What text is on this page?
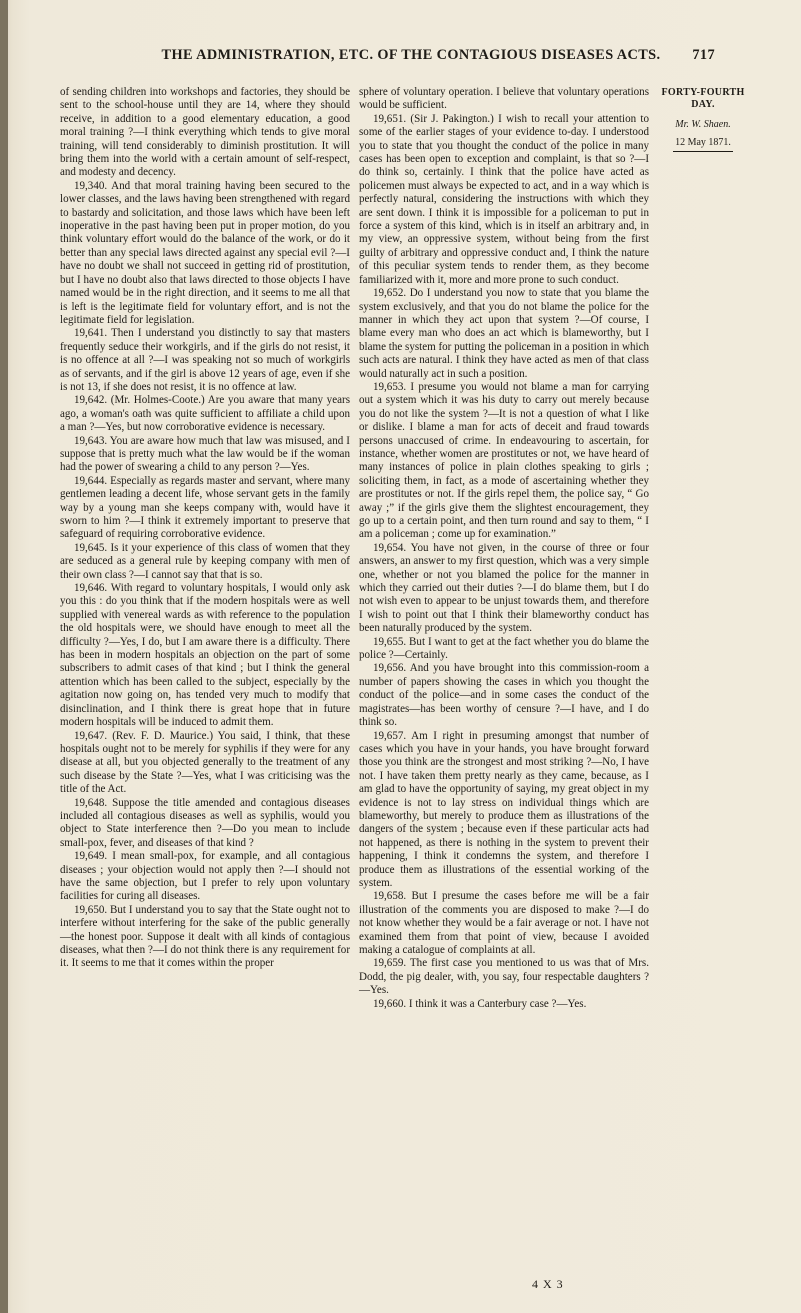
THE ADMINISTRATION, ETC. OF THE CONTAGIOUS DISEASES ACTS. 717

of sending children into workshops and factories, they should be sent to the school-house until they are 14, where they should receive, in addition to a good elementary education, a good moral training ?—I think everything which tends to give moral training, will tend considerably to diminish prostitution. It will bring them into the world with a certain amount of self-respect, and modesty and decency.

19,340. And that moral training having been secured to the lower classes, and the laws having been strengthened with regard to bastardy and solicitation, and those laws which have been left inoperative in the past having been put in proper motion, do you think voluntary effort would do the balance of the work, or do it better than any special laws directed against any special evil ?—I have no doubt we shall not succeed in getting rid of prostitution, but I have no doubt also that laws directed to those objects I have named would be in the right direction, and it seems to me all that is left is the legitimate field for voluntary effort, and is not the legitimate field for legislation.

19,641. Then I understand you distinctly to say that masters frequently seduce their workgirls, and if the girls do not resist, it is no offence at all ?—I was speaking not so much of workgirls as of servants, and if the girl is above 12 years of age, even if she is not 13, if she does not resist, it is no offence at law.

19,642. (Mr. Holmes-Coote.) Are you aware that many years ago, a woman's oath was quite sufficient to affiliate a child upon a man ?—Yes, but now corroborative evidence is necessary.

19,643. You are aware how much that law was misused, and I suppose that is pretty much what the law would be if the woman had the power of swearing a child to any person ?—Yes.

19,644. Especially as regards master and servant, where many gentlemen leading a decent life, whose servant gets in the family way by a young man she keeps company with, would have it sworn to him ?—I think it extremely important to preserve that safeguard of requiring corroborative evidence.

19,645. Is it your experience of this class of women that they are seduced as a general rule by keeping company with men of their own class ?—I cannot say that that is so.

19,646. With regard to voluntary hospitals, I would only ask you this : do you think that if the modern hospitals were as well supplied with venereal wards as with reference to the population the old hospitals were, we should have enough to meet all the difficulty ?—Yes, I do, but I am aware there is a difficulty. There has been in modern hospitals an objection on the part of some subscribers to admit cases of that kind ; but I think the general attention which has been called to the subject, especially by the agitation now going on, has tended very much to modify that disinclination, and I think there is great hope that in future modern hospitals will be induced to admit them.

19,647. (Rev. F. D. Maurice.) You said, I think, that these hospitals ought not to be merely for syphilis if they were for any disease at all, but you objected generally to the treatment of any such disease by the State ?—Yes, what I was criticising was the title of the Act.

19,648. Suppose the title amended and contagious diseases included all contagious diseases as well as syphilis, would you object to State interference then ?—Do you mean to include small-pox, fever, and diseases of that kind ?

19,649. I mean small-pox, for example, and all contagious diseases ; your objection would not apply then ?—I should not have the same objection, but I prefer to rely upon voluntary facilities for curing all diseases.

19,650. But I understand you to say that the State ought not to interfere without interfering for the sake of the public generally—the honest poor. Suppose it dealt with all kinds of contagious diseases, what then ?—I do not think there is any requirement for it. It seems to me that it comes within the proper

sphere of voluntary operation. I believe that voluntary operations would be sufficient.

19,651. (Sir J. Pakington.) I wish to recall your attention to some of the earlier stages of your evidence to-day. I understood you to state that you thought the conduct of the police in many cases has been open to exception and complaint, is that so ?—I do think so, certainly. I think that the police have acted as policemen must always be expected to act, and in a way which is perfectly natural, considering the instructions with which they are sent down. I think it is impossible for a policeman to put in force a system of this kind, which is in itself an arbitrary and, in my view, an oppressive system, without being from the first guilty of arbitrary and oppressive conduct and, I think the nature of this peculiar system tends to render them, as they become familiarized with it, more and more prone to such conduct.

19,652. Do I understand you now to state that you blame the system exclusively, and that you do not blame the police for the manner in which they act upon that system ?—Of course, I blame every man who does an act which is blameworthy, but I blame the system for putting the policeman in a position in which such acts are natural. I think they have acted as men of that class would naturally act in such a position.

19,653. I presume you would not blame a man for carrying out a system which it was his duty to carry out merely because you do not like the system ?—It is not a question of what I like or dislike. I blame a man for acts of deceit and fraud towards persons unaccused of crime. In endeavouring to ascertain, for instance, whether women are prostitutes or not, we have heard of many instances of police in plain clothes speaking to girls ; soliciting them, in fact, as a mode of ascertaining whether they are prostitutes or not. If the girls repel them, the police say, “ Go away ;” if the girls give them the slightest encouragement, they go up to a certain point, and then turn round and say to them, “ I am a policeman ; come up for examination.”

19,654. You have not given, in the course of three or four answers, an answer to my first question, which was a very simple one, whether or not you blamed the police for the manner in which they carried out their duties ?—I do blame them, but I do not wish even to appear to be unjust towards them, and therefore I wish to point out that I think their blameworthy conduct has been naturally produced by the system.

19,655. But I want to get at the fact whether you do blame the police ?—Certainly.

19,656. And you have brought into this commission-room a number of papers showing the cases in which you thought the conduct of the police—and in some cases the conduct of the magistrates—has been worthy of censure ?—I have, and I do think so.

19,657. Am I right in presuming amongst that number of cases which you have in your hands, you have brought forward those you think are the strongest and most striking ?—No, I have not. I have taken them pretty nearly as they came, because, as I am glad to have the opportunity of saying, my great object in my evidence is not to lay stress on individual things which are blameworthy, but merely to produce them as illustrations of the dangers of the system ; because even if these particular acts had not happened, as there is nothing in the system to prevent their happening, I think it condemns the system, and therefore I produce them as illustrations of the essential working of the system.

19,658. But I presume the cases before me will be a fair illustration of the comments you are disposed to make ?—I do not know whether they would be a fair average or not. I have not examined them from that point of view, because I avoided making a catalogue of complaints at all.

19,659. The first case you mentioned to us was that of Mrs. Dodd, the pig dealer, with, you say, four respectable daughters ?—Yes.

19,660. I think it was a Canterbury case ?—Yes.

FORTY-FOURTH DAY.
Mr. W. Shaen.
12 May 1871.
4 X 3
